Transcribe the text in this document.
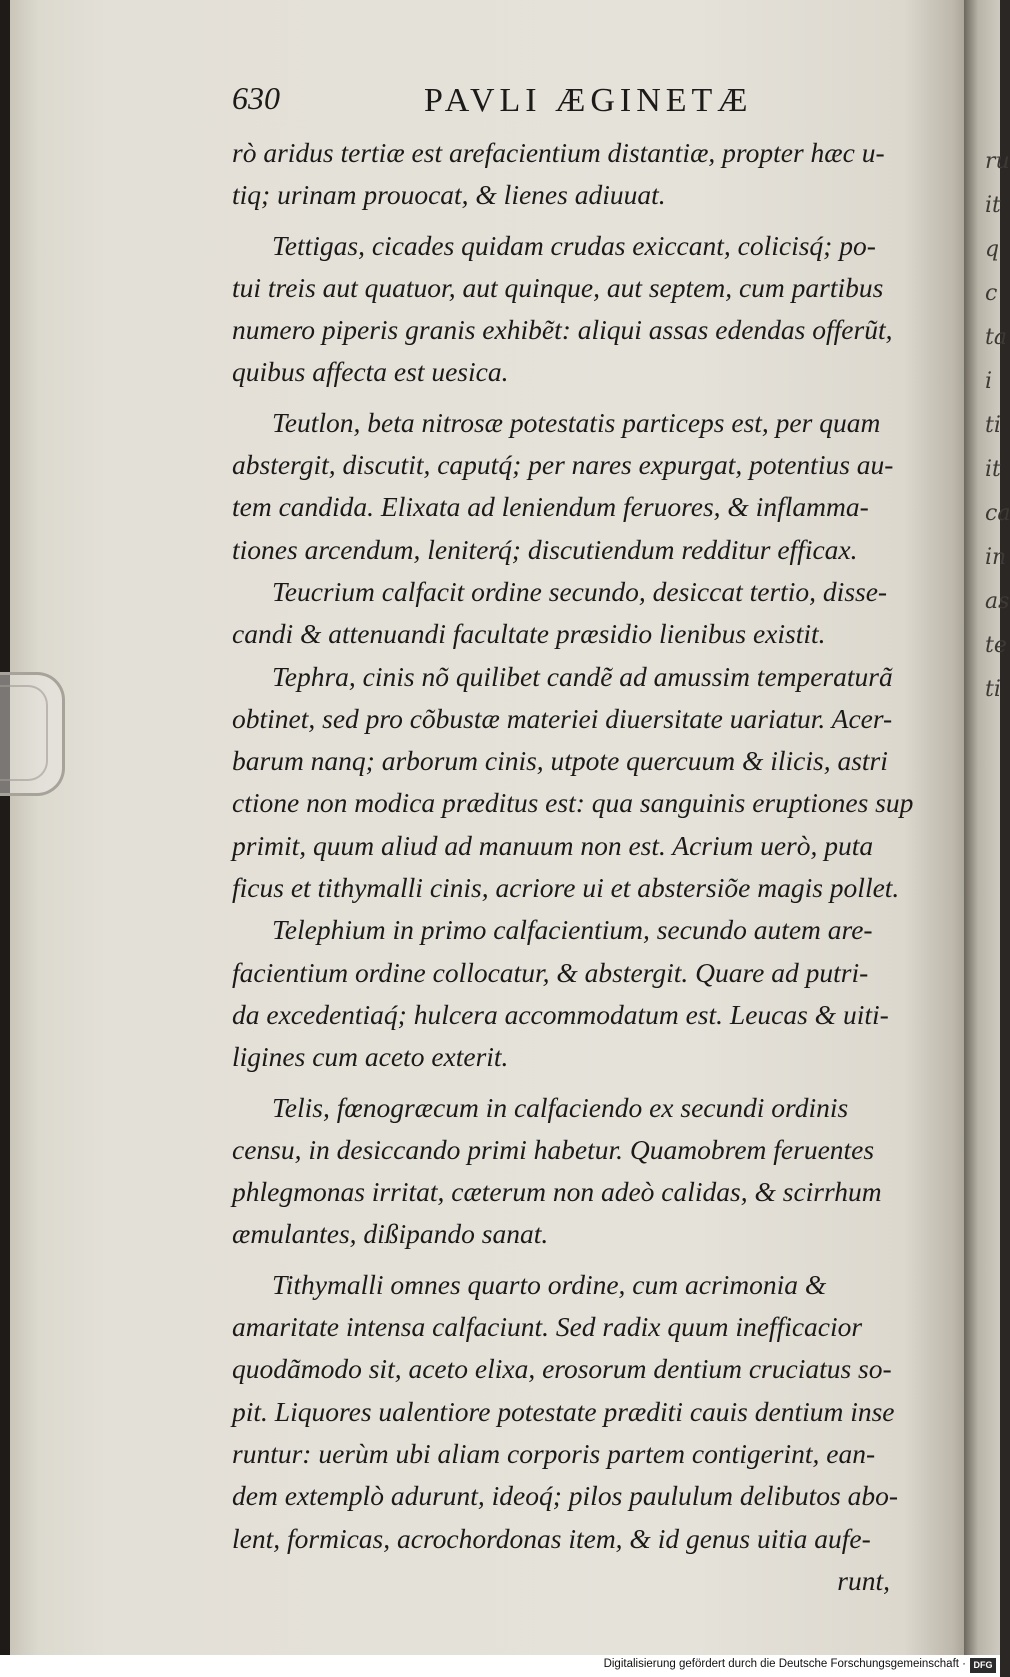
ru
it
q
c
ta
i
ti
it
ca
in
as
te
ti
630	PAVLI ÆGINETÆ
rò aridus tertiæ est arefacientium distantiæ, propter hæc u-
tiq; urinam prouocat, & lienes adiuuat.
Tettigas, cicades quidam crudas exiccant, colicisq́; po-
tui treis aut quatuor, aut quinque, aut septem, cum partibus
numero piperis granis exhibẽt: aliqui assas edendas offerũt,
quibus affecta est uesica.
Teutlon, beta nitrosæ potestatis particeps est, per quam
abstergit, discutit, caputq́; per nares expurgat, potentius au-
tem candida. Elixata ad leniendum feruores, & inflamma-
tiones arcendum, leniterq́; discutiendum redditur efficax.
Teucrium calfacit ordine secundo, desiccat tertio, disse-
candi & attenuandi facultate præsidio lienibus existit.
Tephra, cinis nõ quilibet candẽ ad amussim temperaturã
obtinet, sed pro cõbustæ materiei diuersitate uariatur. Acer-
barum nanq; arborum cinis, utpote quercuum & ilicis, astri
ctione non modica præditus est: qua sanguinis eruptiones sup
primit, quum aliud ad manuum non est. Acrium uerò, puta
ficus et tithymalli cinis, acriore ui et abstersiõe magis pollet.
Telephium in primo calfacientium, secundo autem are-
facientium ordine collocatur, & abstergit. Quare ad putri-
da excedentiaq́; hulcera accommodatum est. Leucas & uiti-
ligines cum aceto exterit.
Telis, fœnogræcum in calfaciendo ex secundi ordinis
censu, in desiccando primi habetur. Quamobrem feruentes
phlegmonas irritat, cæterum non adeò calidas, & scirrhum
æmulantes, dißipando sanat.
Tithymalli omnes quarto ordine, cum acrimonia &
amaritate intensa calfaciunt. Sed radix quum inefficacior
quodãmodo sit, aceto elixa, erosorum dentium cruciatus so-
pit. Liquores ualentiore potestate præditi cauis dentium inse
runtur: uerùm ubi aliam corporis partem contigerint, ean-
dem extemplò adurunt, ideoq́; pilos paululum delibutos abo-
lent, formicas, acrochordonas item, & id genus uitia aufe-
runt,
Digitalisierung gefördert durch die Deutsche Forschungsgemeinschaft · DFG
